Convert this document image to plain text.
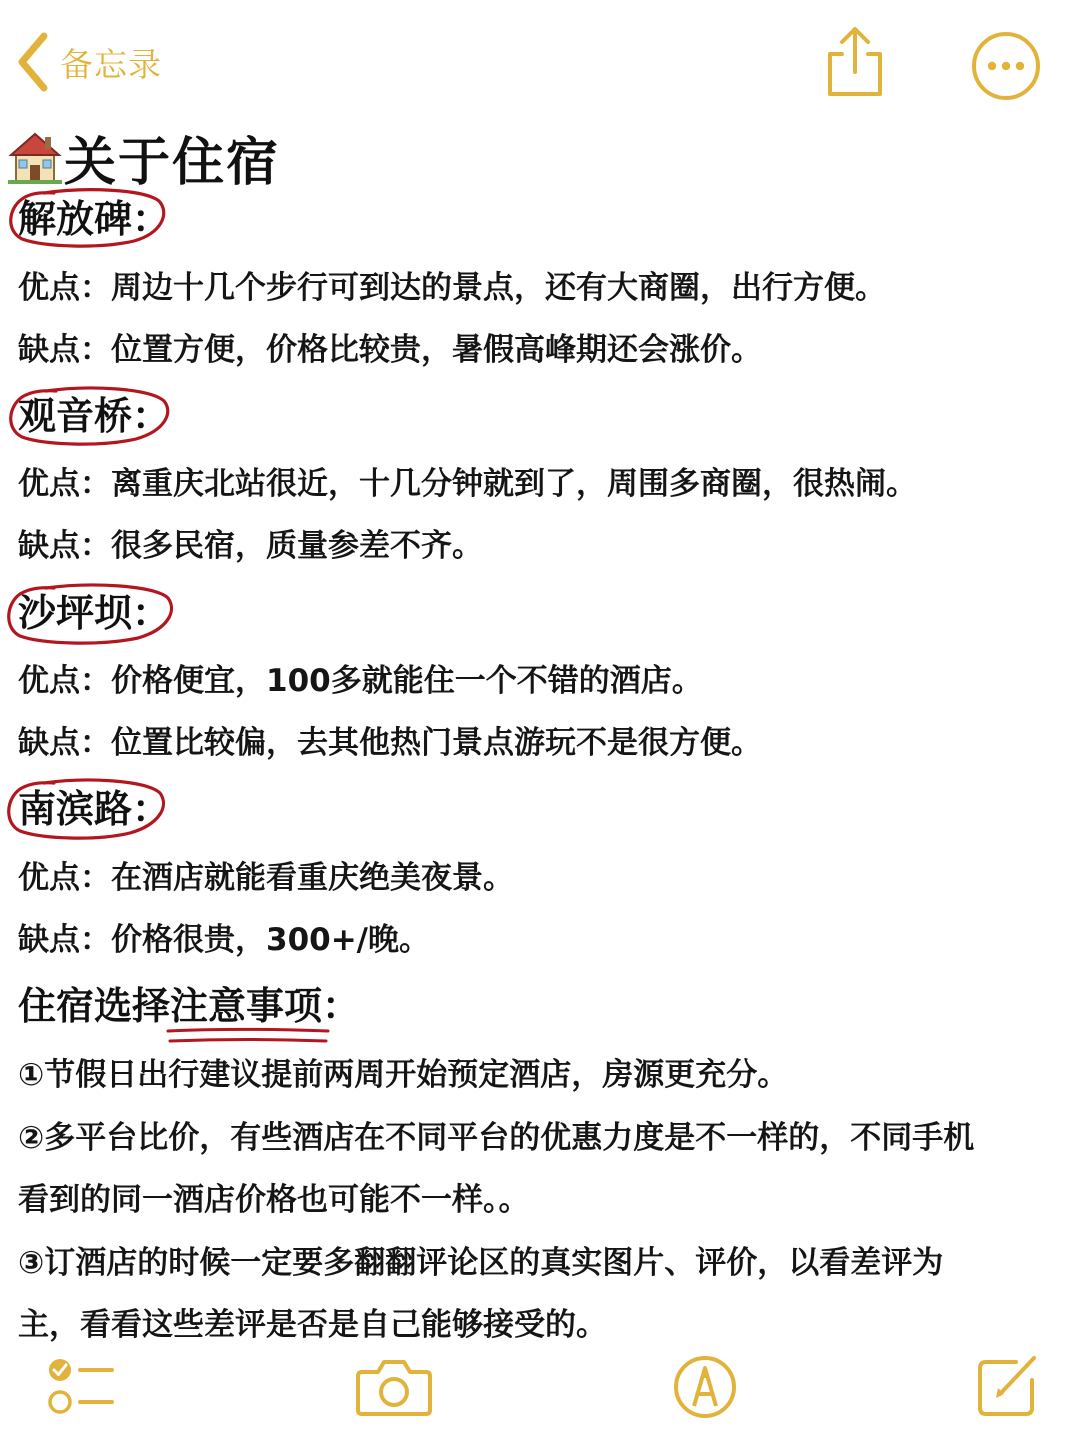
备忘录
关于住宿
解放碑：
优点：周边十几个步行可到达的景点，还有大商圈，出行方便。
缺点：位置方便，价格比较贵，暑假高峰期还会涨价。
观音桥：
优点：离重庆北站很近，十几分钟就到了，周围多商圈，很热闹。
缺点：很多民宿，质量参差不齐。
沙坪坝：
优点：价格便宜，100多就能住一个不错的酒店。
缺点：位置比较偏，去其他热门景点游玩不是很方便。
南滨路：
优点：在酒店就能看重庆绝美夜景。
缺点：价格很贵，300+/晚。
住宿选择注意事项：
①节假日出行建议提前两周开始预定酒店，房源更充分。
②多平台比价，有些酒店在不同平台的优惠力度是不一样的，不同手机
看到的同一酒店价格也可能不一样。。
③订酒店的时候一定要多翻翻评论区的真实图片、评价，以看差评为
主，看看这些差评是否是自己能够接受的。
